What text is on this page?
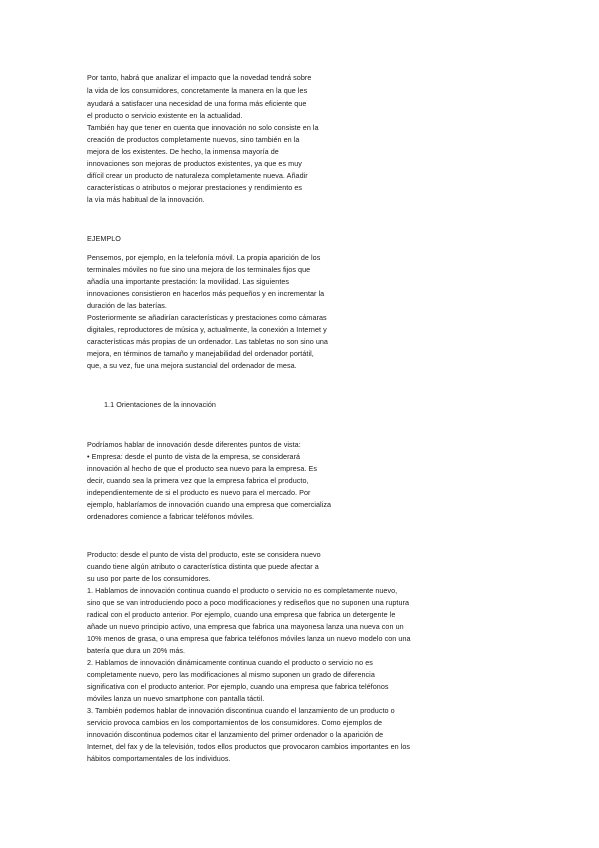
Por tanto, habrá que analizar el impacto que la novedad tendrá sobre
la vida de los consumidores, concretamente la manera en la que les
ayudará a satisfacer una necesidad de una forma más eficiente que
el producto o servicio existente en la actualidad.
También hay que tener en cuenta que innovación no solo consiste en la
creación de productos completamente nuevos, sino también en la
mejora de los existentes. De hecho, la inmensa mayoría de
innovaciones son mejoras de productos existentes, ya que es muy
difícil crear un producto de naturaleza completamente nueva. Añadir
características o atributos o mejorar prestaciones y rendimiento es
la vía más habitual de la innovación.
EJEMPLO
Pensemos, por ejemplo, en la telefonía móvil. La propia aparición de los
terminales móviles no fue sino una mejora de los terminales fijos que
añadía una importante prestación: la movilidad. Las siguientes
innovaciones consistieron en hacerlos más pequeños y en incrementar la
duración de las baterías.
Posteriormente se añadirían características y prestaciones como cámaras
digitales, reproductores de música y, actualmente, la conexión a Internet y
características más propias de un ordenador. Las tabletas no son sino una
mejora, en términos de tamaño y manejabilidad del ordenador portátil,
que, a su vez, fue una mejora sustancial del ordenador de mesa.
1.1 Orientaciones de la innovación
Podríamos hablar de innovación desde diferentes puntos de vista:
• Empresa: desde el punto de vista de la empresa, se considerará
innovación al hecho de que el producto sea nuevo para la empresa. Es
decir, cuando sea la primera vez que la empresa fabrica el producto,
independientemente de si el producto es nuevo para el mercado. Por
ejemplo, hablaríamos de innovación cuando una empresa que comercializa
ordenadores comience a fabricar teléfonos móviles.
Producto: desde el punto de vista del producto, este se considera nuevo
cuando tiene algún atributo o característica distinta que puede afectar a
su uso por parte de los consumidores.
1. Hablamos de innovación continua cuando el producto o servicio no es completamente nuevo,
sino que se van introduciendo poco a poco modificaciones y rediseños que no suponen una ruptura
radical con el producto anterior. Por ejemplo, cuando una empresa que fabrica un detergente le
añade un nuevo principio activo, una empresa que fabrica una mayonesa lanza una nueva con un
10% menos de grasa, o una empresa que fabrica teléfonos móviles lanza un nuevo modelo con una
batería que dura un 20% más.
2. Hablamos de innovación dinámicamente continua cuando el producto o servicio no es
completamente nuevo, pero las modificaciones al mismo suponen un grado de diferencia
significativa con el producto anterior. Por ejemplo, cuando una empresa que fabrica teléfonos
móviles lanza un nuevo smartphone con pantalla táctil.
3. También podemos hablar de innovación discontinua cuando el lanzamiento de un producto o
servicio provoca cambios en los comportamientos de los consumidores. Como ejemplos de
innovación discontinua podemos citar el lanzamiento del primer ordenador o la aparición de
Internet, del fax y de la televisión, todos ellos productos que provocaron cambios importantes en los
hábitos comportamentales de los individuos.
